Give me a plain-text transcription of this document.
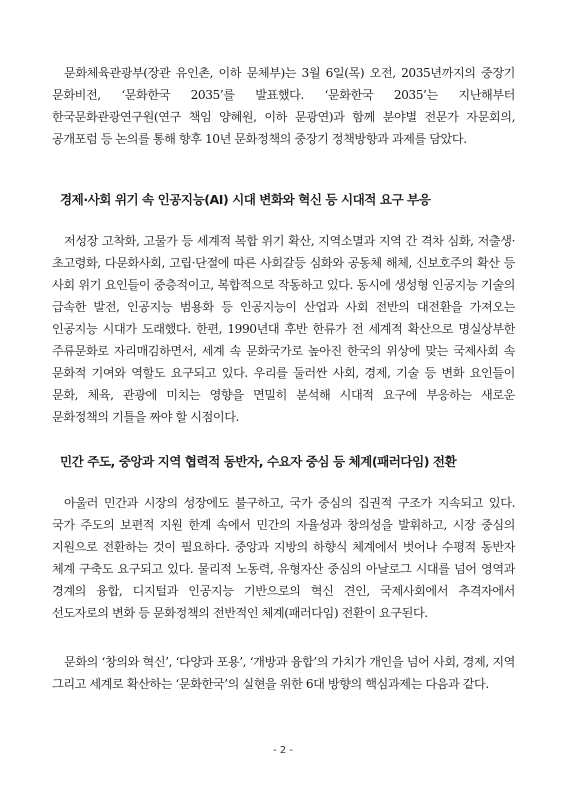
문화체육관광부(장관 유인촌, 이하 문체부)는 3월 6일(목) 오전, 2035년까지의 중장기 문화비전, ‘문화한국 2035’를 발표했다. ‘문화한국 2035’는 지난해부터 한국문화관광연구원(연구 책임 양혜원, 이하 문광연)과 함께 분야별 전문가 자문회의, 공개포럼 등 논의를 통해 향후 10년 문화정책의 중장기 정책방향과 과제를 담았다.

경제·사회 위기 속 인공지능(AI) 시대 변화와 혁신 등 시대적 요구 부응

저성장 고착화, 고물가 등 세계적 복합 위기 확산, 지역소멸과 지역 간 격차 심화, 저출생·초고령화, 다문화사회, 고립·단절에 따른 사회갈등 심화와 공동체 해체, 신보호주의 확산 등 사회 위기 요인들이 중층적이고, 복합적으로 작동하고 있다. 동시에 생성형 인공지능 기술의 급속한 발전, 인공지능 범용화 등 인공지능이 산업과 사회 전반의 대전환을 가져오는 인공지능 시대가 도래했다. 한편, 1990년대 후반 한류가 전 세계적 확산으로 명실상부한 주류문화로 자리매김하면서, 세계 속 문화국가로 높아진 한국의 위상에 맞는 국제사회 속 문화적 기여와 역할도 요구되고 있다. 우리를 둘러싼 사회, 경제, 기술 등 변화 요인들이 문화, 체육, 관광에 미치는 영향을 면밀히 분석해 시대적 요구에 부응하는 새로운 문화정책의 기틀을 짜야 할 시점이다.

민간 주도, 중앙과 지역 협력적 동반자, 수요자 중심 등 체계(패러다임) 전환

아울러 민간과 시장의 성장에도 불구하고, 국가 중심의 집권적 구조가 지속되고 있다. 국가 주도의 보편적 지원 한계 속에서 민간의 자율성과 창의성을 발휘하고, 시장 중심의 지원으로 전환하는 것이 필요하다. 중앙과 지방의 하향식 체계에서 벗어나 수평적 동반자 체계 구축도 요구되고 있다. 물리적 노동력, 유형자산 중심의 아날로그 시대를 넘어 영역과 경계의 융합, 디지털과 인공지능 기반으로의 혁신 견인, 국제사회에서 추격자에서 선도자로의 변화 등 문화정책의 전반적인 체계(패러다임) 전환이 요구된다.

문화의 ‘창의와 혁신’, ‘다양과 포용’, ‘개방과 융합’의 가치가 개인을 넘어 사회, 경제, 지역 그리고 세계로 확산하는 ‘문화한국’의 실현을 위한 6대 방향의 핵심과제는 다음과 같다.

- 2 -
